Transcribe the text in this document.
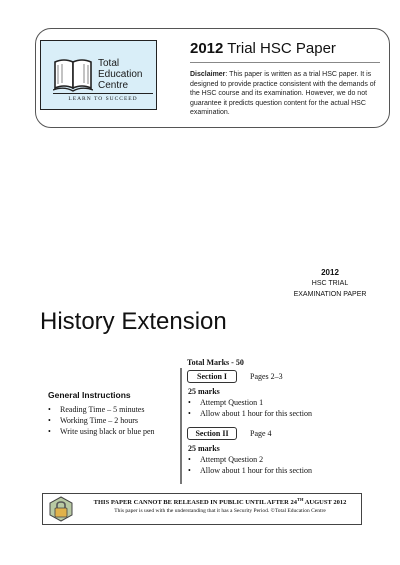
Total
Education
Centre
LEARN TO SUCCEED
2012 Trial HSC Paper
Disclaimer: This paper is written as a trial HSC paper. It is designed to provide practice consistent with the demands of the HSC course and its examination. However, we do not guarantee it predicts question content for the actual HSC examination.
2012
HSC TRIAL
EXAMINATION PAPER
History Extension
General Instructions
• Reading Time – 5 minutes
• Working Time – 2 hours
• Write using black or blue pen
Total Marks - 50
Section I	Pages 2–3
25 marks
• Attempt Question 1
• Allow about 1 hour for this section
Section II	Page 4
25 marks
• Attempt Question 2
• Allow about 1 hour for this section
THIS PAPER CANNOT BE RELEASED IN PUBLIC UNTIL AFTER 24TH AUGUST 2012
This paper is used with the understanding that it has a Security Period. ©Total Education Centre
